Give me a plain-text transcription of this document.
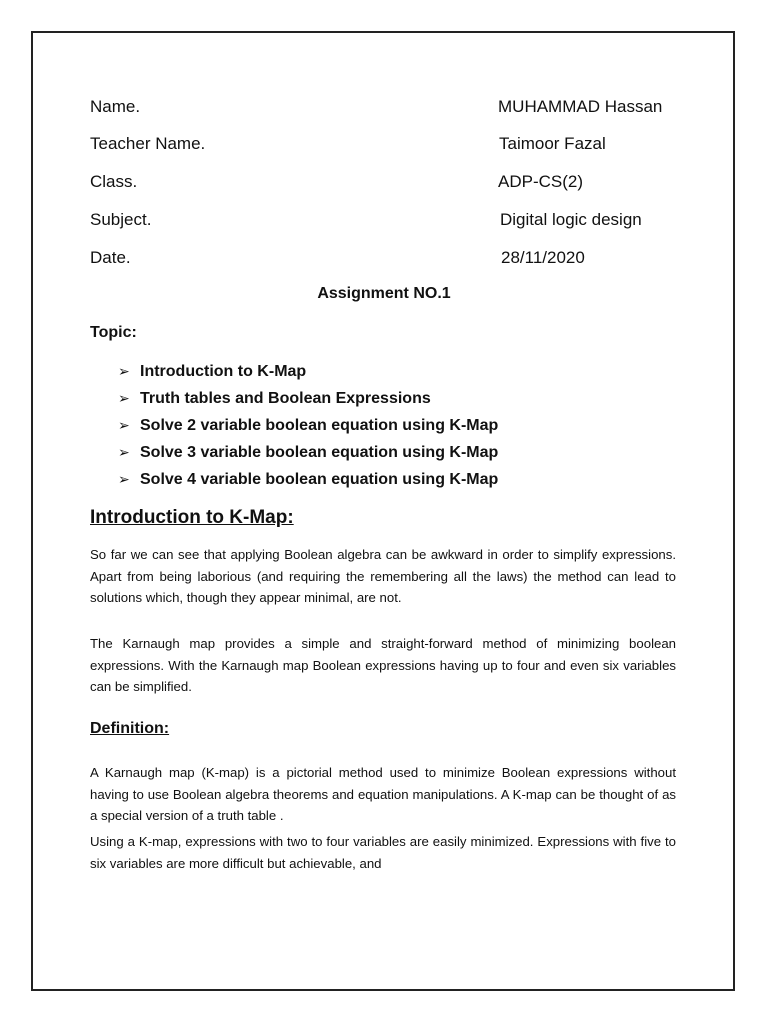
Name.	MUHAMMAD Hassan
Teacher Name.	Taimoor Fazal
Class.	ADP-CS(2)
Subject.	Digital logic design
Date.	28/11/2020
Assignment NO.1
Topic:
➢ Introduction to K-Map
➢ Truth tables and Boolean Expressions
➢ Solve 2 variable boolean equation using K-Map
➢ Solve 3 variable boolean equation using K-Map
➢ Solve 4 variable boolean equation using K-Map
Introduction to K-Map:

So far we can see that applying Boolean algebra can be awkward in order to simplify expressions. Apart from being laborious (and requiring the remembering all the laws) the method can lead to solutions which, though they appear minimal, are not.

The Karnaugh map provides a simple and straight-forward method of minimizing boolean expressions. With the Karnaugh map Boolean expressions having up to four and even six variables can be simplified.

Definition:

A Karnaugh map (K-map) is a pictorial method used to minimize Boolean expressions without having to use Boolean algebra theorems and equation manipulations. A K-map can be thought of as a special version of a truth table .

Using a K-map, expressions with two to four variables are easily minimized. Expressions with five to six variables are more difficult but achievable, and
